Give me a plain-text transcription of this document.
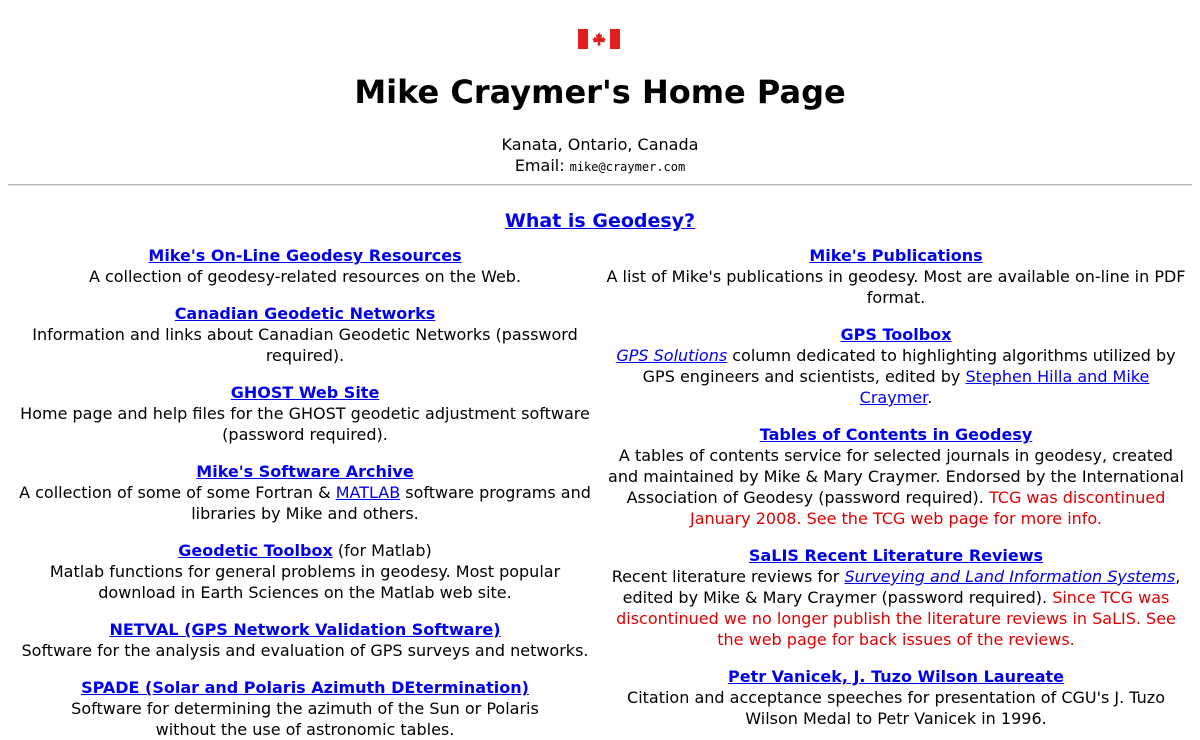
Mike Craymer's Home Page
Kanata, Ontario, Canada
Email: mike@craymer.com
What is Geodesy?
Mike's On-Line Geodesy Resources
A collection of geodesy-related resources on the Web.
Canadian Geodetic Networks
Information and links about Canadian Geodetic Networks (password required).
GHOST Web Site
Home page and help files for the GHOST geodetic adjustment software (password required).
Mike's Software Archive
A collection of some of some Fortran & MATLAB software programs and libraries by Mike and others.
Geodetic Toolbox (for Matlab)
Matlab functions for general problems in geodesy. Most popular download in Earth Sciences on the Matlab web site.
NETVAL (GPS Network Validation Software)
Software for the analysis and evaluation of GPS surveys and networks.
SPADE (Solar and Polaris Azimuth DEtermination)
Software for determining the azimuth of the Sun or Polaris without the use of astronomic tables.
Mike's Publications
A list of Mike's publications in geodesy. Most are available on-line in PDF format.
GPS Toolbox
GPS Solutions column dedicated to highlighting algorithms utilized by GPS engineers and scientists, edited by Stephen Hilla and Mike Craymer.
Tables of Contents in Geodesy
A tables of contents service for selected journals in geodesy, created and maintained by Mike & Mary Craymer. Endorsed by the International Association of Geodesy (password required). TCG was discontinued January 2008. See the TCG web page for more info.
SaLIS Recent Literature Reviews
Recent literature reviews for Surveying and Land Information Systems, edited by Mike & Mary Craymer (password required). Since TCG was discontinued we no longer publish the literature reviews in SaLIS. See the web page for back issues of the reviews.
Petr Vanicek, J. Tuzo Wilson Laureate
Citation and acceptance speeches for presentation of CGU's J. Tuzo Wilson Medal to Petr Vanicek in 1996.
